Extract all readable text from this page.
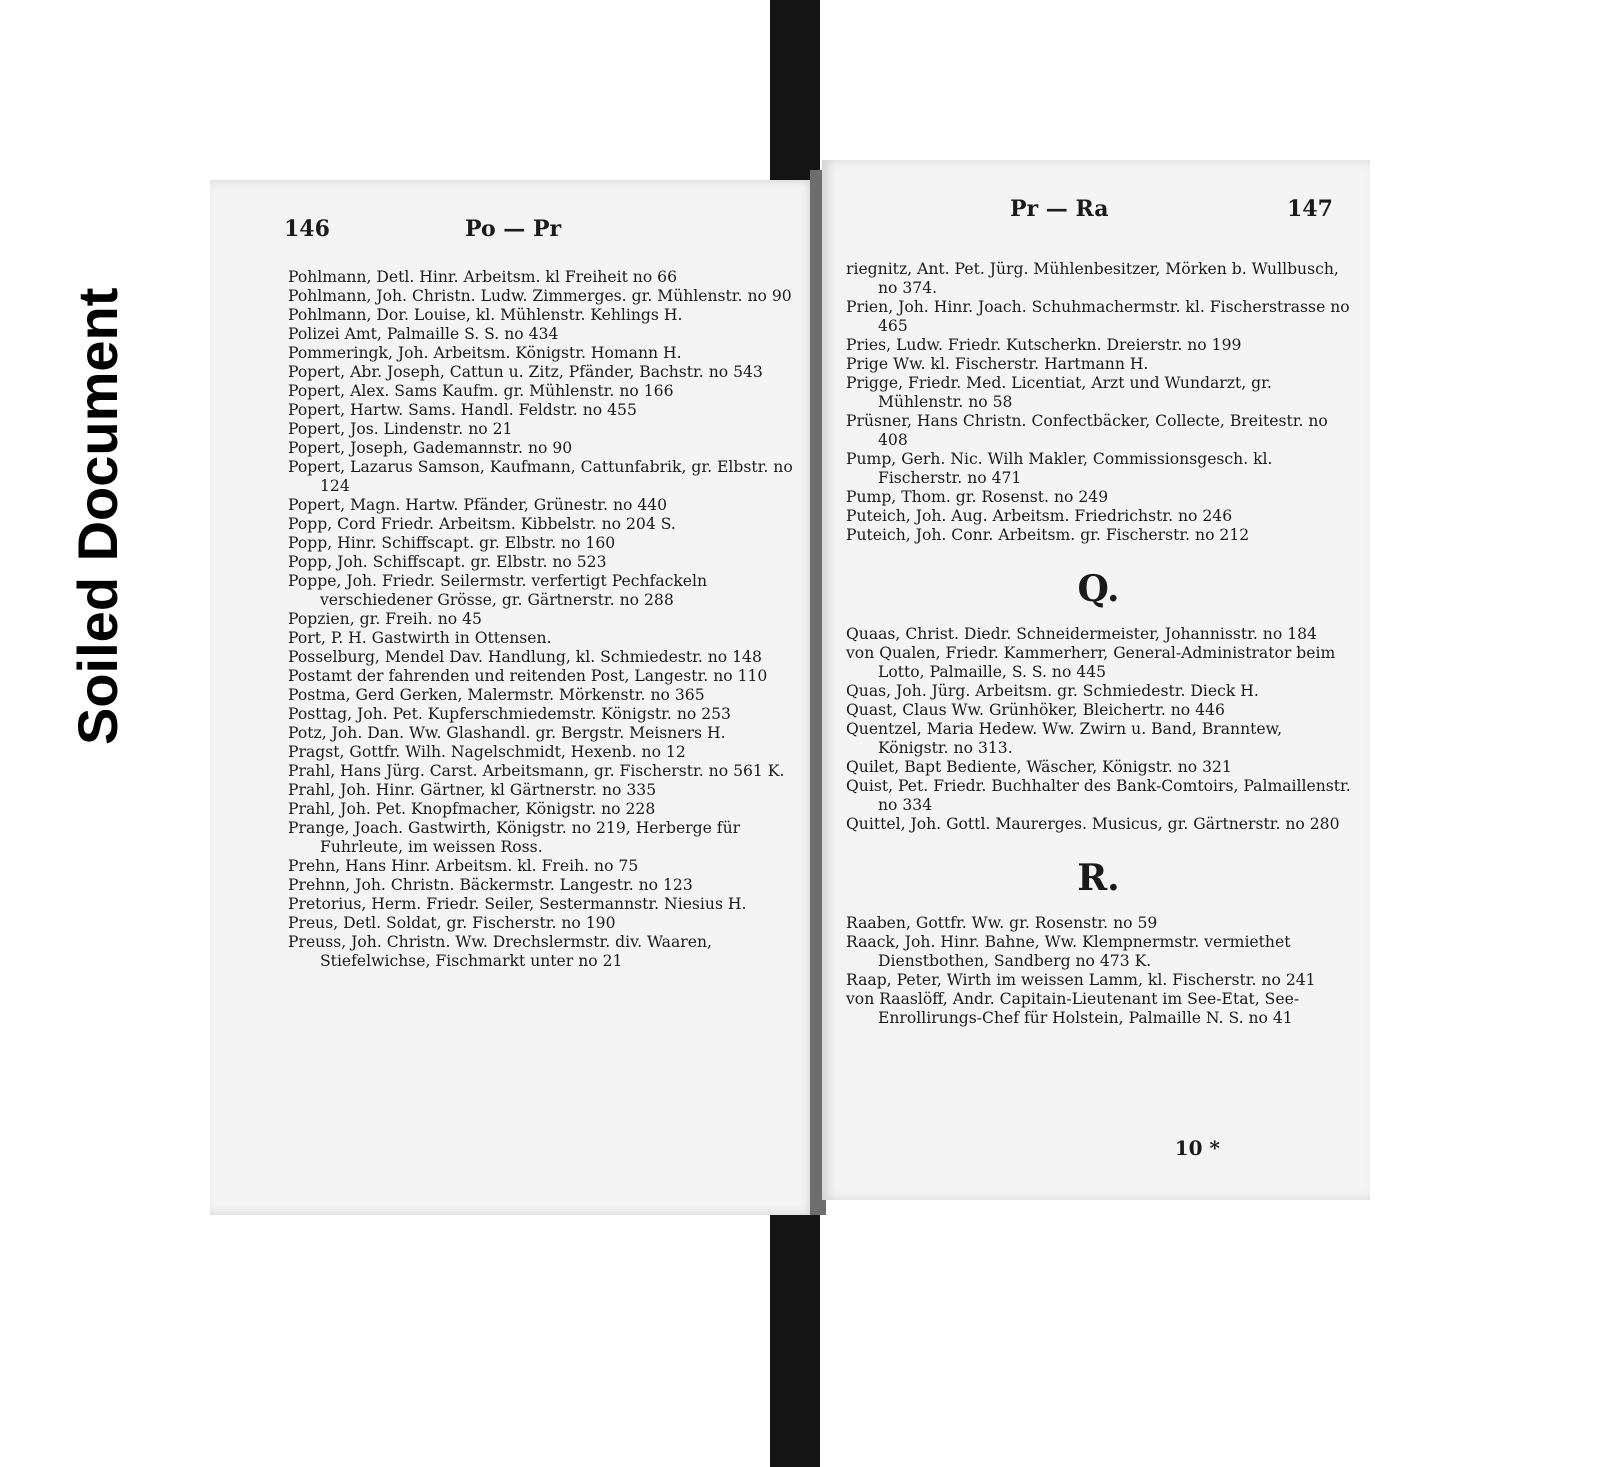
Soiled Document
146	Po — Pr

Pohlmann, Detl. Hinr. Arbeitsm. kl Freiheit no 66

Pohlmann, Joh. Christn. Ludw. Zimmerges. gr. Mühlenstr. no 90

Pohlmann, Dor. Louise, kl. Mühlenstr. Kehlings H.

Polizei Amt, Palmaille S. S. no 434

Pommeringk, Joh. Arbeitsm. Königstr. Homann H.

Popert, Abr. Joseph, Cattun u. Zitz, Pfänder, Bachstr. no 543

Popert, Alex. Sams Kaufm. gr. Mühlenstr. no 166

Popert, Hartw. Sams. Handl. Feldstr. no 455

Popert, Jos. Lindenstr. no 21

Popert, Joseph, Gademannstr. no 90

Popert, Lazarus Samson, Kaufmann, Cattunfabrik, gr. Elbstr. no 124

Popert, Magn. Hartw. Pfänder, Grünestr. no 440

Popp, Cord Friedr. Arbeitsm. Kibbelstr. no 204 S.

Popp, Hinr. Schiffscapt. gr. Elbstr. no 160

Popp, Joh. Schiffscapt. gr. Elbstr. no 523

Poppe, Joh. Friedr. Seilermstr. verfertigt Pechfackeln verschiedener Grösse, gr. Gärtnerstr. no 288

Popzien, gr. Freih. no 45

Port, P. H. Gastwirth in Ottensen.

Posselburg, Mendel Dav. Handlung, kl. Schmiedestr. no 148

Postamt der fahrenden und reitenden Post, Langestr. no 110

Postma, Gerd Gerken, Malermstr. Mörkenstr. no 365

Posttag, Joh. Pet. Kupferschmiedemstr. Königstr. no 253

Potz, Joh. Dan. Ww. Glashandl. gr. Bergstr. Meisners H.

Pragst, Gottfr. Wilh. Nagelschmidt, Hexenb. no 12

Prahl, Hans Jürg. Carst. Arbeitsmann, gr. Fischerstr. no 561 K.

Prahl, Joh. Hinr. Gärtner, kl Gärtnerstr. no 335

Prahl, Joh. Pet. Knopfmacher, Königstr. no 228

Prange, Joach. Gastwirth, Königstr. no 219, Herberge für Fuhrleute, im weissen Ross.

Prehn, Hans Hinr. Arbeitsm. kl. Freih. no 75

Prehnn, Joh. Christn. Bäckermstr. Langestr. no 123

Pretorius, Herm. Friedr. Seiler, Sestermannstr. Niesius H.

Preus, Detl. Soldat, gr. Fischerstr. no 190

Preuss, Joh. Christn. Ww. Drechslermstr. div. Waaren, Stiefelwichse, Fischmarkt unter no 21

Pr — Ra	147

riegnitz, Ant. Pet. Jürg. Mühlenbesitzer, Mörken b. Wullbusch, no 374.

Prien, Joh. Hinr. Joach. Schuhmachermstr. kl. Fischerstrasse no 465

Pries, Ludw. Friedr. Kutscherkn. Dreierstr. no 199

Prige Ww. kl. Fischerstr. Hartmann H.

Prigge, Friedr. Med. Licentiat, Arzt und Wundarzt, gr. Mühlenstr. no 58

Prüsner, Hans Christn. Confectbäcker, Collecte, Breitestr. no 408

Pump, Gerh. Nic. Wilh Makler, Commissionsgesch. kl. Fischerstr. no 471

Pump, Thom. gr. Rosenst. no 249

Puteich, Joh. Aug. Arbeitsm. Friedrichstr. no 246

Puteich, Joh. Conr. Arbeitsm. gr. Fischerstr. no 212

Q.

Quaas, Christ. Diedr. Schneidermeister, Johannisstr. no 184

von Qualen, Friedr. Kammerherr, General-Administrator beim Lotto, Palmaille, S. S. no 445

Quas, Joh. Jürg. Arbeitsm. gr. Schmiedestr. Dieck H.

Quast, Claus Ww. Grünhöker, Bleichertr. no 446

Quentzel, Maria Hedew. Ww. Zwirn u. Band, Branntew, Königstr. no 313.

Quilet, Bapt Bediente, Wäscher, Königstr. no 321

Quist, Pet. Friedr. Buchhalter des Bank-Comtoirs, Palmaillenstr. no 334

Quittel, Joh. Gottl. Maurerges. Musicus, gr. Gärtnerstr. no 280

R.

Raaben, Gottfr. Ww. gr. Rosenstr. no 59

Raack, Joh. Hinr. Bahne, Ww. Klempnermstr. vermiethet Dienstbothen, Sandberg no 473 K.

Raap, Peter, Wirth im weissen Lamm, kl. Fischerstr. no 241

von Raaslöff, Andr. Capitain-Lieutenant im See-Etat, See-Enrollirungs-Chef für Holstein, Palmaille N. S. no 41

10 *
